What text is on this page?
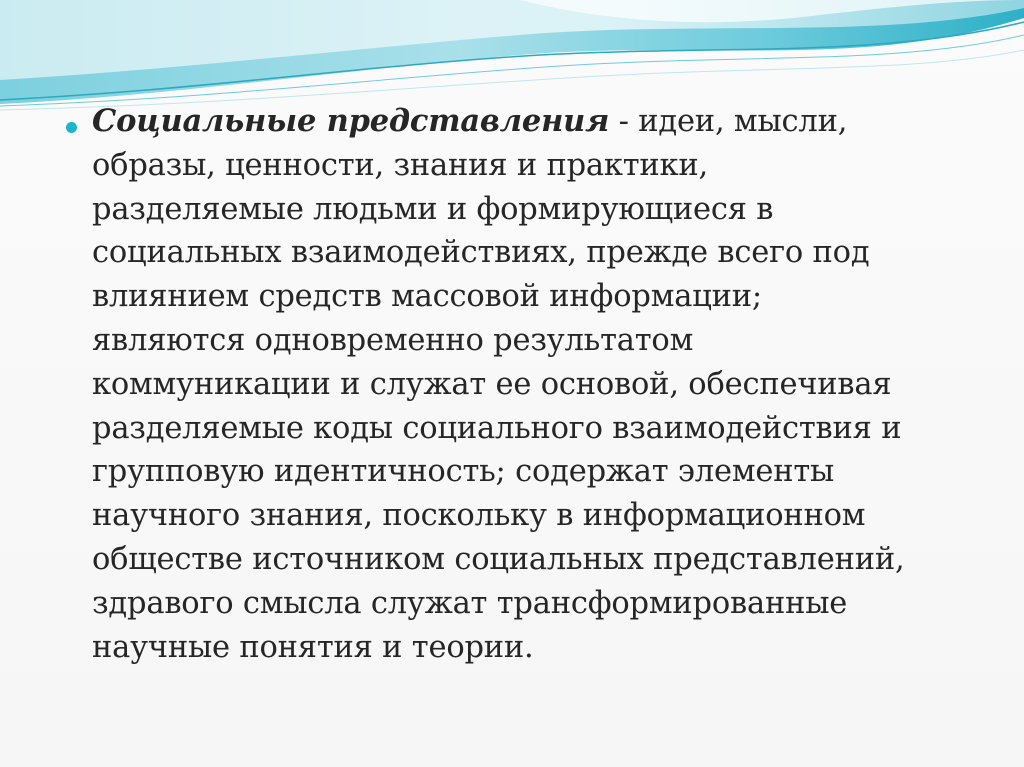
Социальные представления - идеи, мысли,
образы, ценности, знания и практики,
разделяемые людьми и формирующиеся в
социальных взаимодействиях, прежде всего под
влиянием средств массовой информации;
являются одновременно результатом
коммуникации и служат ее основой, обеспечивая
разделяемые коды социального взаимодействия и
групповую идентичность; содержат элементы
научного знания, поскольку в информационном
обществе источником социальных представлений,
здравого смысла служат трансформированные
научные понятия и теории.
